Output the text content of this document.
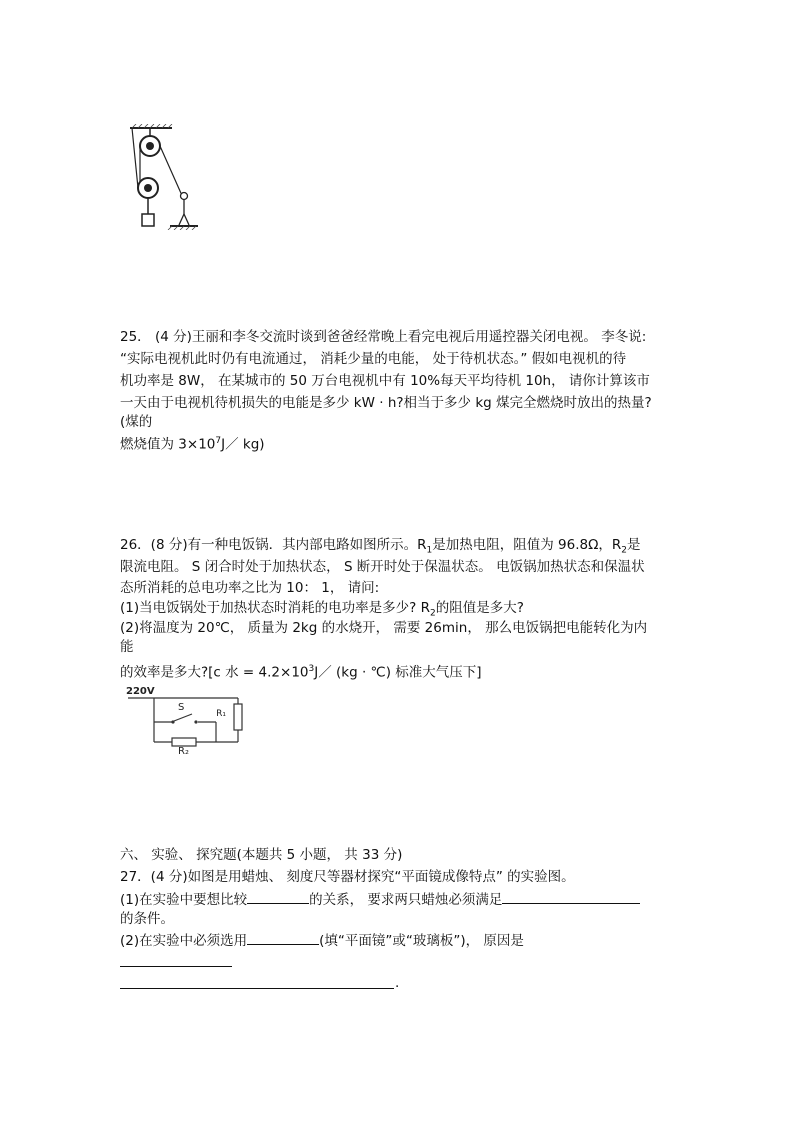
25． (4 分)王丽和李冬交流时谈到爸爸经常晚上看完电视后用遥控器关闭电视。 李冬说:
“实际电视机此时仍有电流通过， 消耗少量的电能， 处于待机状态。” 假如电视机的待
机功率是 8W， 在某城市的 50 万台电视机中有 10%每天平均待机 10h， 请你计算该市
一天由于电视机待机损失的电能是多少 kW · h?相当于多少 kg 煤完全燃烧时放出的热量?
(煤的
燃烧值为 $3\times 10^7J/$ kg)
26．(8 分)有一种电饭锅．其内部电路如图所示。$R_1$是加热电阻，阻值为 96.8Ω，$R_2$是
限流电阻。 S 闭合时处于加热状态， S 断开时处于保温状态。 电饭锅加热状态和保温状
态所消耗的总电功率之比为 10： 1， 请问:
(1)当电饭锅处于加热状态时消耗的电功率是多少? $R_2$的阻值是多大?
(2)将温度为 20℃， 质量为 2kg 的水烧开， 需要 26min， 那么电饭锅把电能转化为内
能
的效率是多大?[c 水 = $4.2\times 10^3J/$ (kg · ℃) 标准大气压下]
220V
S
R₂
R₁
六、 实验、 探究题(本题共 5 小题， 共 33 分)
27．(4 分)如图是用蜡烛、 刻度尺等器材探究“平面镜成像特点” 的实验图。
(1)在实验中要想比较	的关系， 要求两只蜡烛必须满足
的条件。
(2)在实验中必须选用	(填“平面镜”或“玻璃板”)， 原因是
.
